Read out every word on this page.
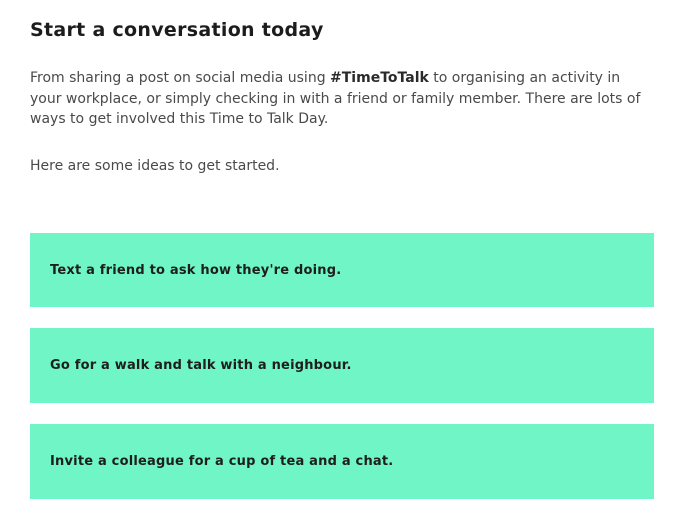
Start a conversation today

From sharing a post on social media using #TimeToTalk to organising an activity in your workplace, or simply checking in with a friend or family member. There are lots of ways to get involved this Time to Talk Day.

Here are some ideas to get started.

Text a friend to ask how they're doing.
Go for a walk and talk with a neighbour.
Invite a colleague for a cup of tea and a chat.
